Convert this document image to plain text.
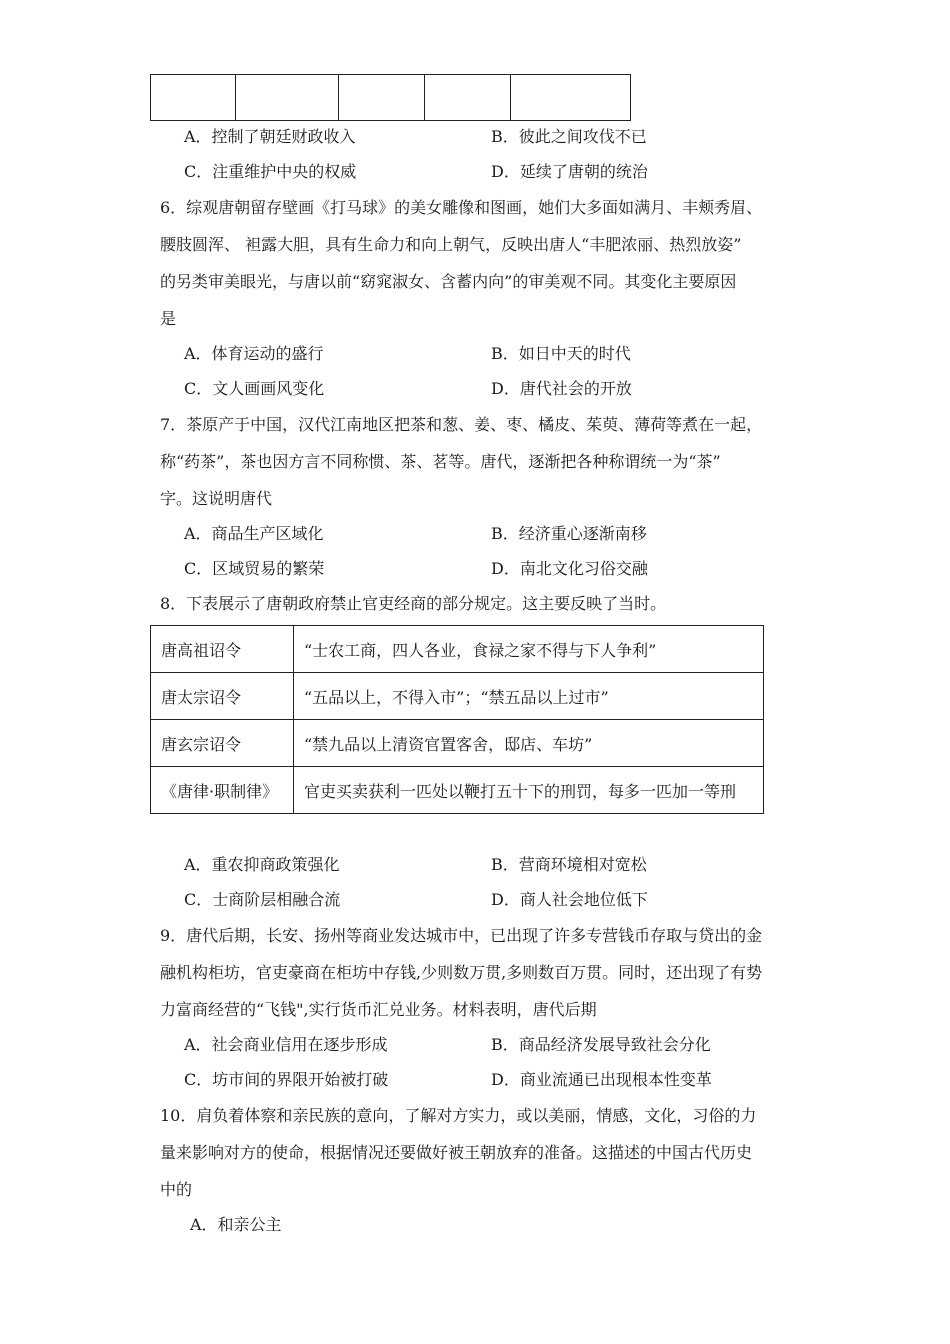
A．控制了朝廷财政收入	B．彼此之间攻伐不已
C．注重维护中央的权威	D．延续了唐朝的统治
6．综观唐朝留存壁画《打马球》的美女雕像和图画，她们大多面如满月、丰颊秀眉、
腰肢圆浑、 袒露大胆，具有生命力和向上朝气，反映出唐人“丰肥浓丽、热烈放姿”
的另类审美眼光，与唐以前“窈窕淑女、含蓄内向”的审美观不同。其变化主要原因
是
A．体育运动的盛行	B．如日中天的时代
C．文人画画风变化	D．唐代社会的开放
7．茶原产于中国，汉代江南地区把茶和葱、姜、枣、橘皮、茱萸、薄荷等煮在一起，
称“药茶”，茶也因方言不同称惯、茶、茗等。唐代，逐渐把各种称谓统一为“茶”
字。这说明唐代
A．商品生产区域化	B．经济重心逐渐南移
C．区域贸易的繁荣	D．南北文化习俗交融
8．下表展示了唐朝政府禁止官吏经商的部分规定。这主要反映了当时。
唐高祖诏令	“士农工商，四人各业，食禄之家不得与下人争利”
唐太宗诏令	“五品以上，不得入市”；“禁五品以上过市”
唐玄宗诏令	“禁九品以上清资官置客舍，邸店、车坊”
《唐律·职制律》	官吏买卖获利一匹处以鞭打五十下的刑罚，每多一匹加一等刑
A．重农抑商政策强化	B．营商环境相对宽松
C．士商阶层相融合流	D．商人社会地位低下
9．唐代后期，长安、扬州等商业发达城市中，已出现了许多专营钱币存取与贷出的金
融机构柜坊，官吏豪商在柜坊中存钱,少则数万贯,多则数百万贯。同时，还出现了有势
力富商经营的“飞钱",实行货币汇兑业务。材料表明，唐代后期
A．社会商业信用在逐步形成	B．商品经济发展导致社会分化
C．坊市间的界限开始被打破	D．商业流通已出现根本性变革
10．肩负着体察和亲民族的意向，了解对方实力，或以美丽，情感，文化，习俗的力
量来影响对方的使命，根据情况还要做好被王朝放弃的准备。这描述的中国古代历史
中的
A．和亲公主
